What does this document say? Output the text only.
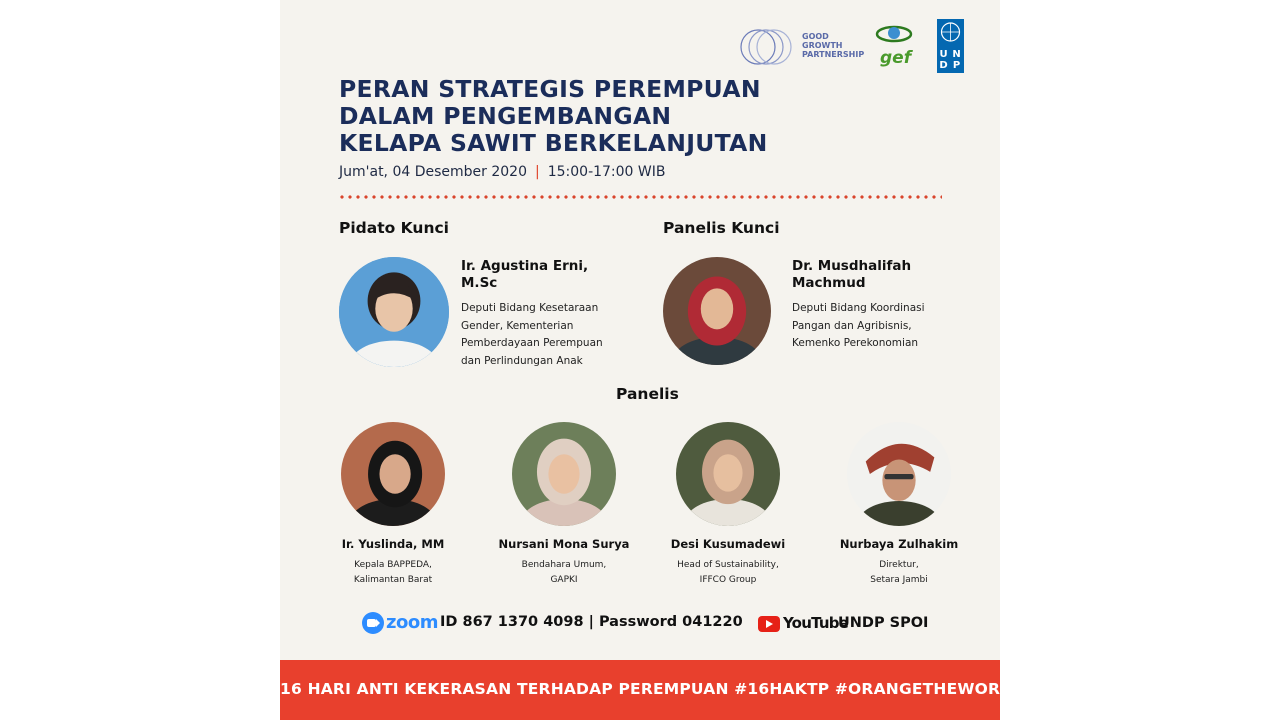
GOOD
GROWTH
PARTNERSHIP gef	U N
D P
PERAN STRATEGIS PEREMPUAN
DALAM PENGEMBANGAN
KELAPA SAWIT BERKELANJUTAN
Jum'at, 04 Desember 2020 | 15:00-17:00 WIB
Pidato Kunci
Ir. Agustina Erni,
M.Sc
Deputi Bidang Kesetaraan
Gender, Kementerian
Pemberdayaan Perempuan
dan Perlindungan Anak
Panelis Kunci
Dr. Musdhalifah
Machmud
Deputi Bidang Koordinasi
Pangan dan Agribisnis,
Kemenko Perekonomian
Panelis
Ir. Yuslinda, MM
Kepala BAPPEDA,
Kalimantan Barat
Nursani Mona Surya
Bendahara Umum,
GAPKI
Desi Kusumadewi
Head of Sustainability,
IFFCO Group
Nurbaya Zulhakim
Direktur,
Setara Jambi
zoom ID 867 1370 4098 | Password 041220	YouTube
UNDP SPOI
16 HARI ANTI KEKERASAN TERHADAP PEREMPUAN #16HAKTP #ORANGETHEWORLD
